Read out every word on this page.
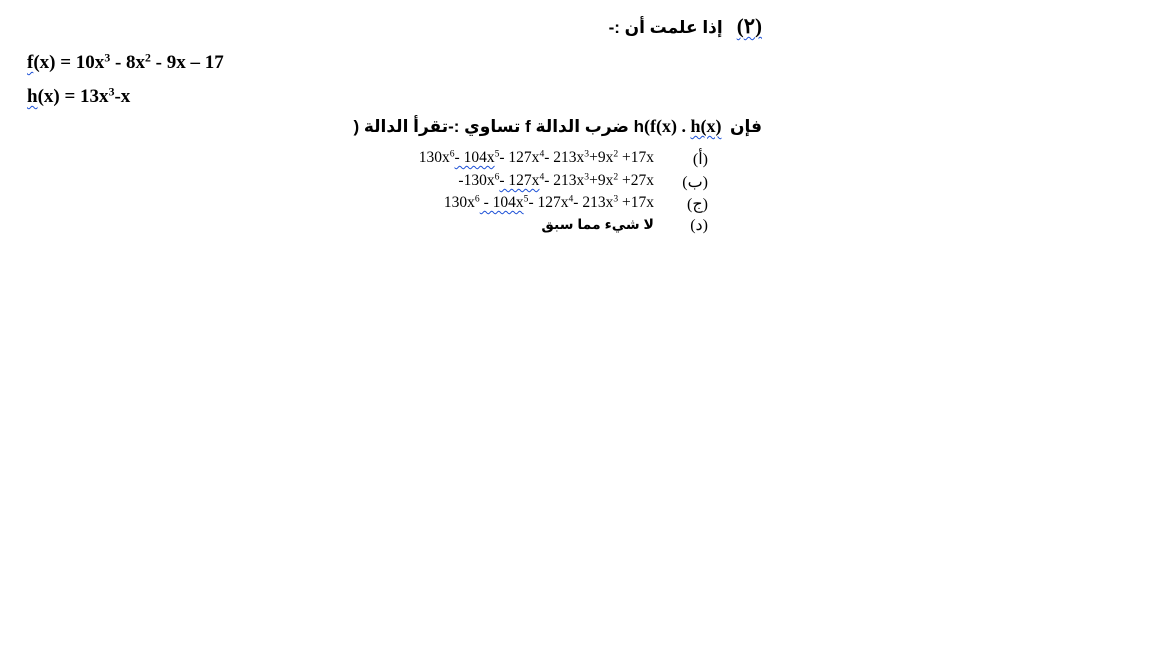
(٢)إذا علمت أن :-
$f(x) = 10x^3 - 8x^2 - 9x - 17$
$h(x) = 13x^3-x$
) تساوي :-تقرأ الدالة f ضرب الدالة h(f(x) . h(x) فإن
$130x^6-$ $104x^5-$ $127x^4-$ $213x^3+9x^2 +17x$ (أ)
$-130x^6-$ $127x^4-$ $213x^3+9x^2 +27x$ (ب)
$130x^6 - 104x^5-$ $127x^4-$ $213x^3 +17x$ (ج)
لا شيء مما سبق (د)
